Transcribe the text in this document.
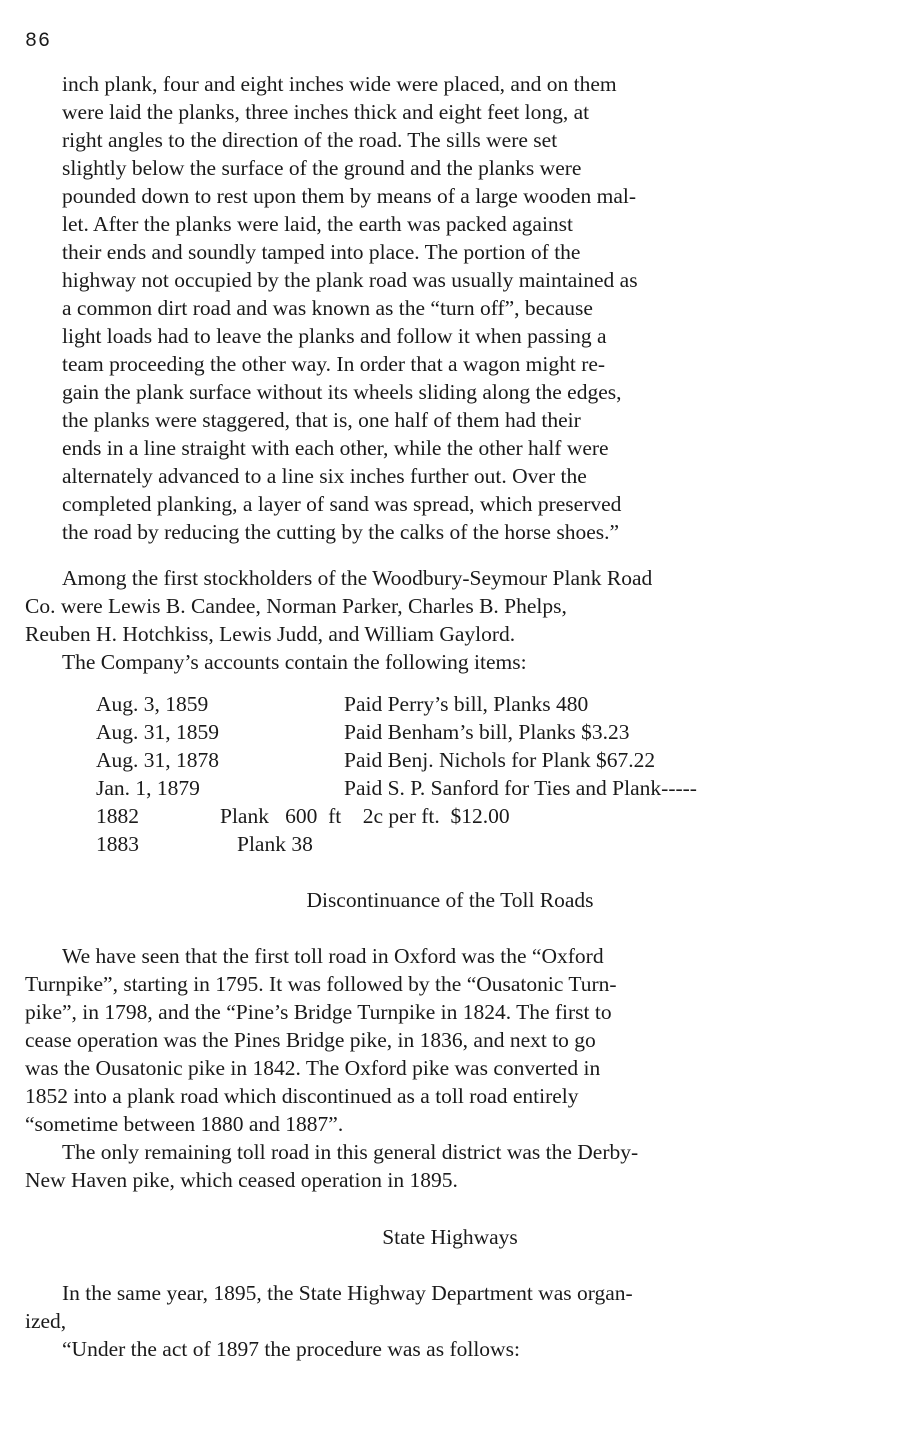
86
inch plank, four and eight inches wide were placed, and on them
were laid the planks, three inches thick and eight feet long, at
right angles to the direction of the road. The sills were set
slightly below the surface of the ground and the planks were
pounded down to rest upon them by means of a large wooden mal-
let. After the planks were laid, the earth was packed against
their ends and soundly tamped into place. The portion of the
highway not occupied by the plank road was usually maintained as
a common dirt road and was known as the “turn off”, because
light loads had to leave the planks and follow it when passing a
team proceeding the other way. In order that a wagon might re-
gain the plank surface without its wheels sliding along the edges,
the planks were staggered, that is, one half of them had their
ends in a line straight with each other, while the other half were
alternately advanced to a line six inches further out. Over the
completed planking, a layer of sand was spread, which preserved
the road by reducing the cutting by the calks of the horse shoes.”
Among the first stockholders of the Woodbury-Seymour Plank Road
Co. were Lewis B. Candee, Norman Parker, Charles B. Phelps,
Reuben H. Hotchkiss, Lewis Judd, and William Gaylord.
The Company’s accounts contain the following items:
Aug. 3, 1859	Paid Perry’s bill, Planks 480
Aug. 31, 1859	Paid Benham’s bill, Planks $3.23
Aug. 31, 1878	Paid Benj. Nichols for Plank $67.22
Jan. 1, 1879	Paid S. P. Sanford for Ties and Plank-----
1882	Plank   600  ft    2c per ft.  $12.00
1883	Plank 38
Discontinuance of the Toll Roads
We have seen that the first toll road in Oxford was the “Oxford
Turnpike”, starting in 1795. It was followed by the “Ousatonic Turn-
pike”, in 1798, and the “Pine’s Bridge Turnpike in 1824. The first to
cease operation was the Pines Bridge pike, in 1836, and next to go
was the Ousatonic pike in 1842. The Oxford pike was converted in
1852 into a plank road which discontinued as a toll road entirely
“sometime between 1880 and 1887”.
The only remaining toll road in this general district was the Derby-
New Haven pike, which ceased operation in 1895.
State Highways
In the same year, 1895, the State Highway Department was organ-
ized,
“Under the act of 1897 the procedure was as follows:
